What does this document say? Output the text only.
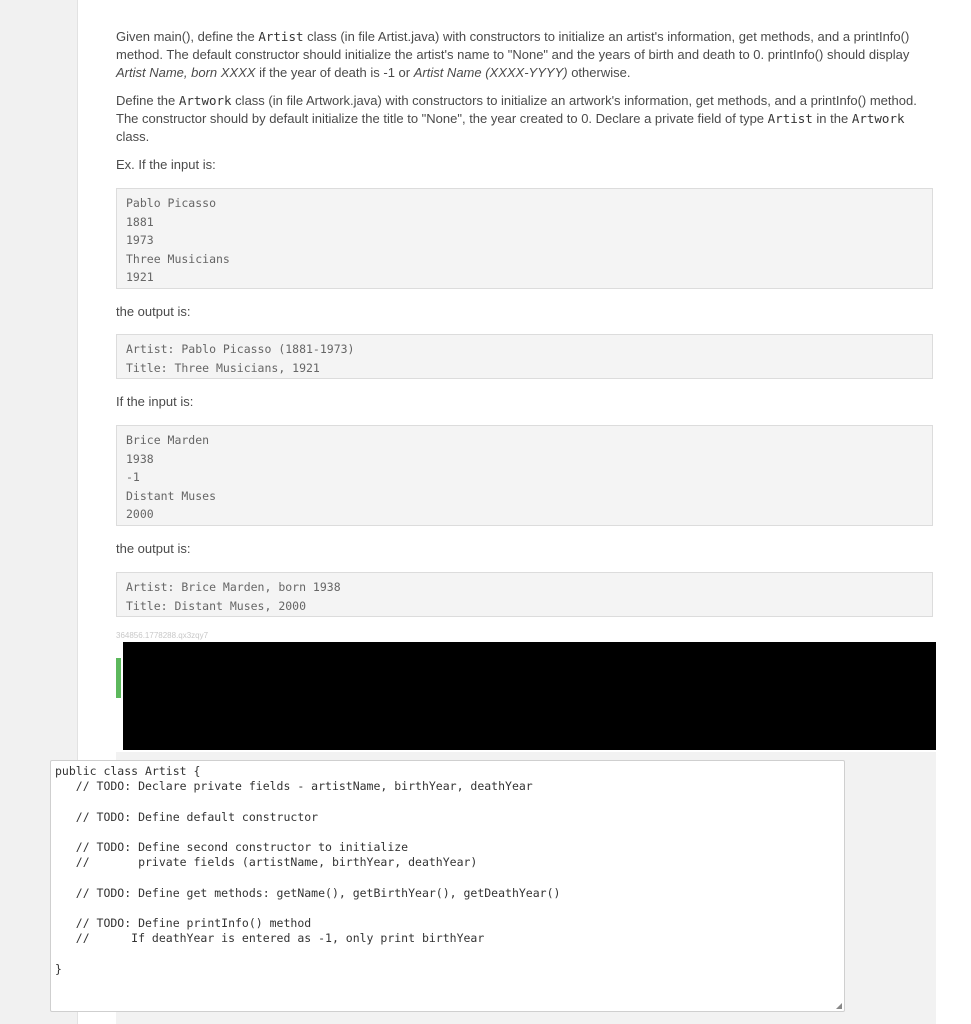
Given main(), define the Artist class (in file Artist.java) with constructors to initialize an artist's information, get methods, and a printInfo() method. The default constructor should initialize the artist's name to "None" and the years of birth and death to 0. printInfo() should display Artist Name, born XXXX if the year of death is -1 or Artist Name (XXXX-YYYY) otherwise.

Define the Artwork class (in file Artwork.java) with constructors to initialize an artwork's information, get methods, and a printInfo() method. The constructor should by default initialize the title to "None", the year created to 0. Declare a private field of type Artist in the Artwork class.

Ex. If the input is:
Pablo Picasso
1881
1973
Three Musicians
1921
the output is:
Artist: Pablo Picasso (1881-1973)
Title: Three Musicians, 1921
If the input is:
Brice Marden
1938
-1
Distant Muses
2000
the output is:
Artist: Brice Marden, born 1938
Title: Distant Muses, 2000
364856.1778288.qx3zqy7
public class Artist {
// TODO: Declare private fields - artistName, birthYear, deathYear
// TODO: Define default constructor
// TODO: Define second constructor to initialize
//       private fields (artistName, birthYear, deathYear)
// TODO: Define get methods: getName(), getBirthYear(), getDeathYear()
// TODO: Define printInfo() method
//      If deathYear is entered as -1, only print birthYear
}
